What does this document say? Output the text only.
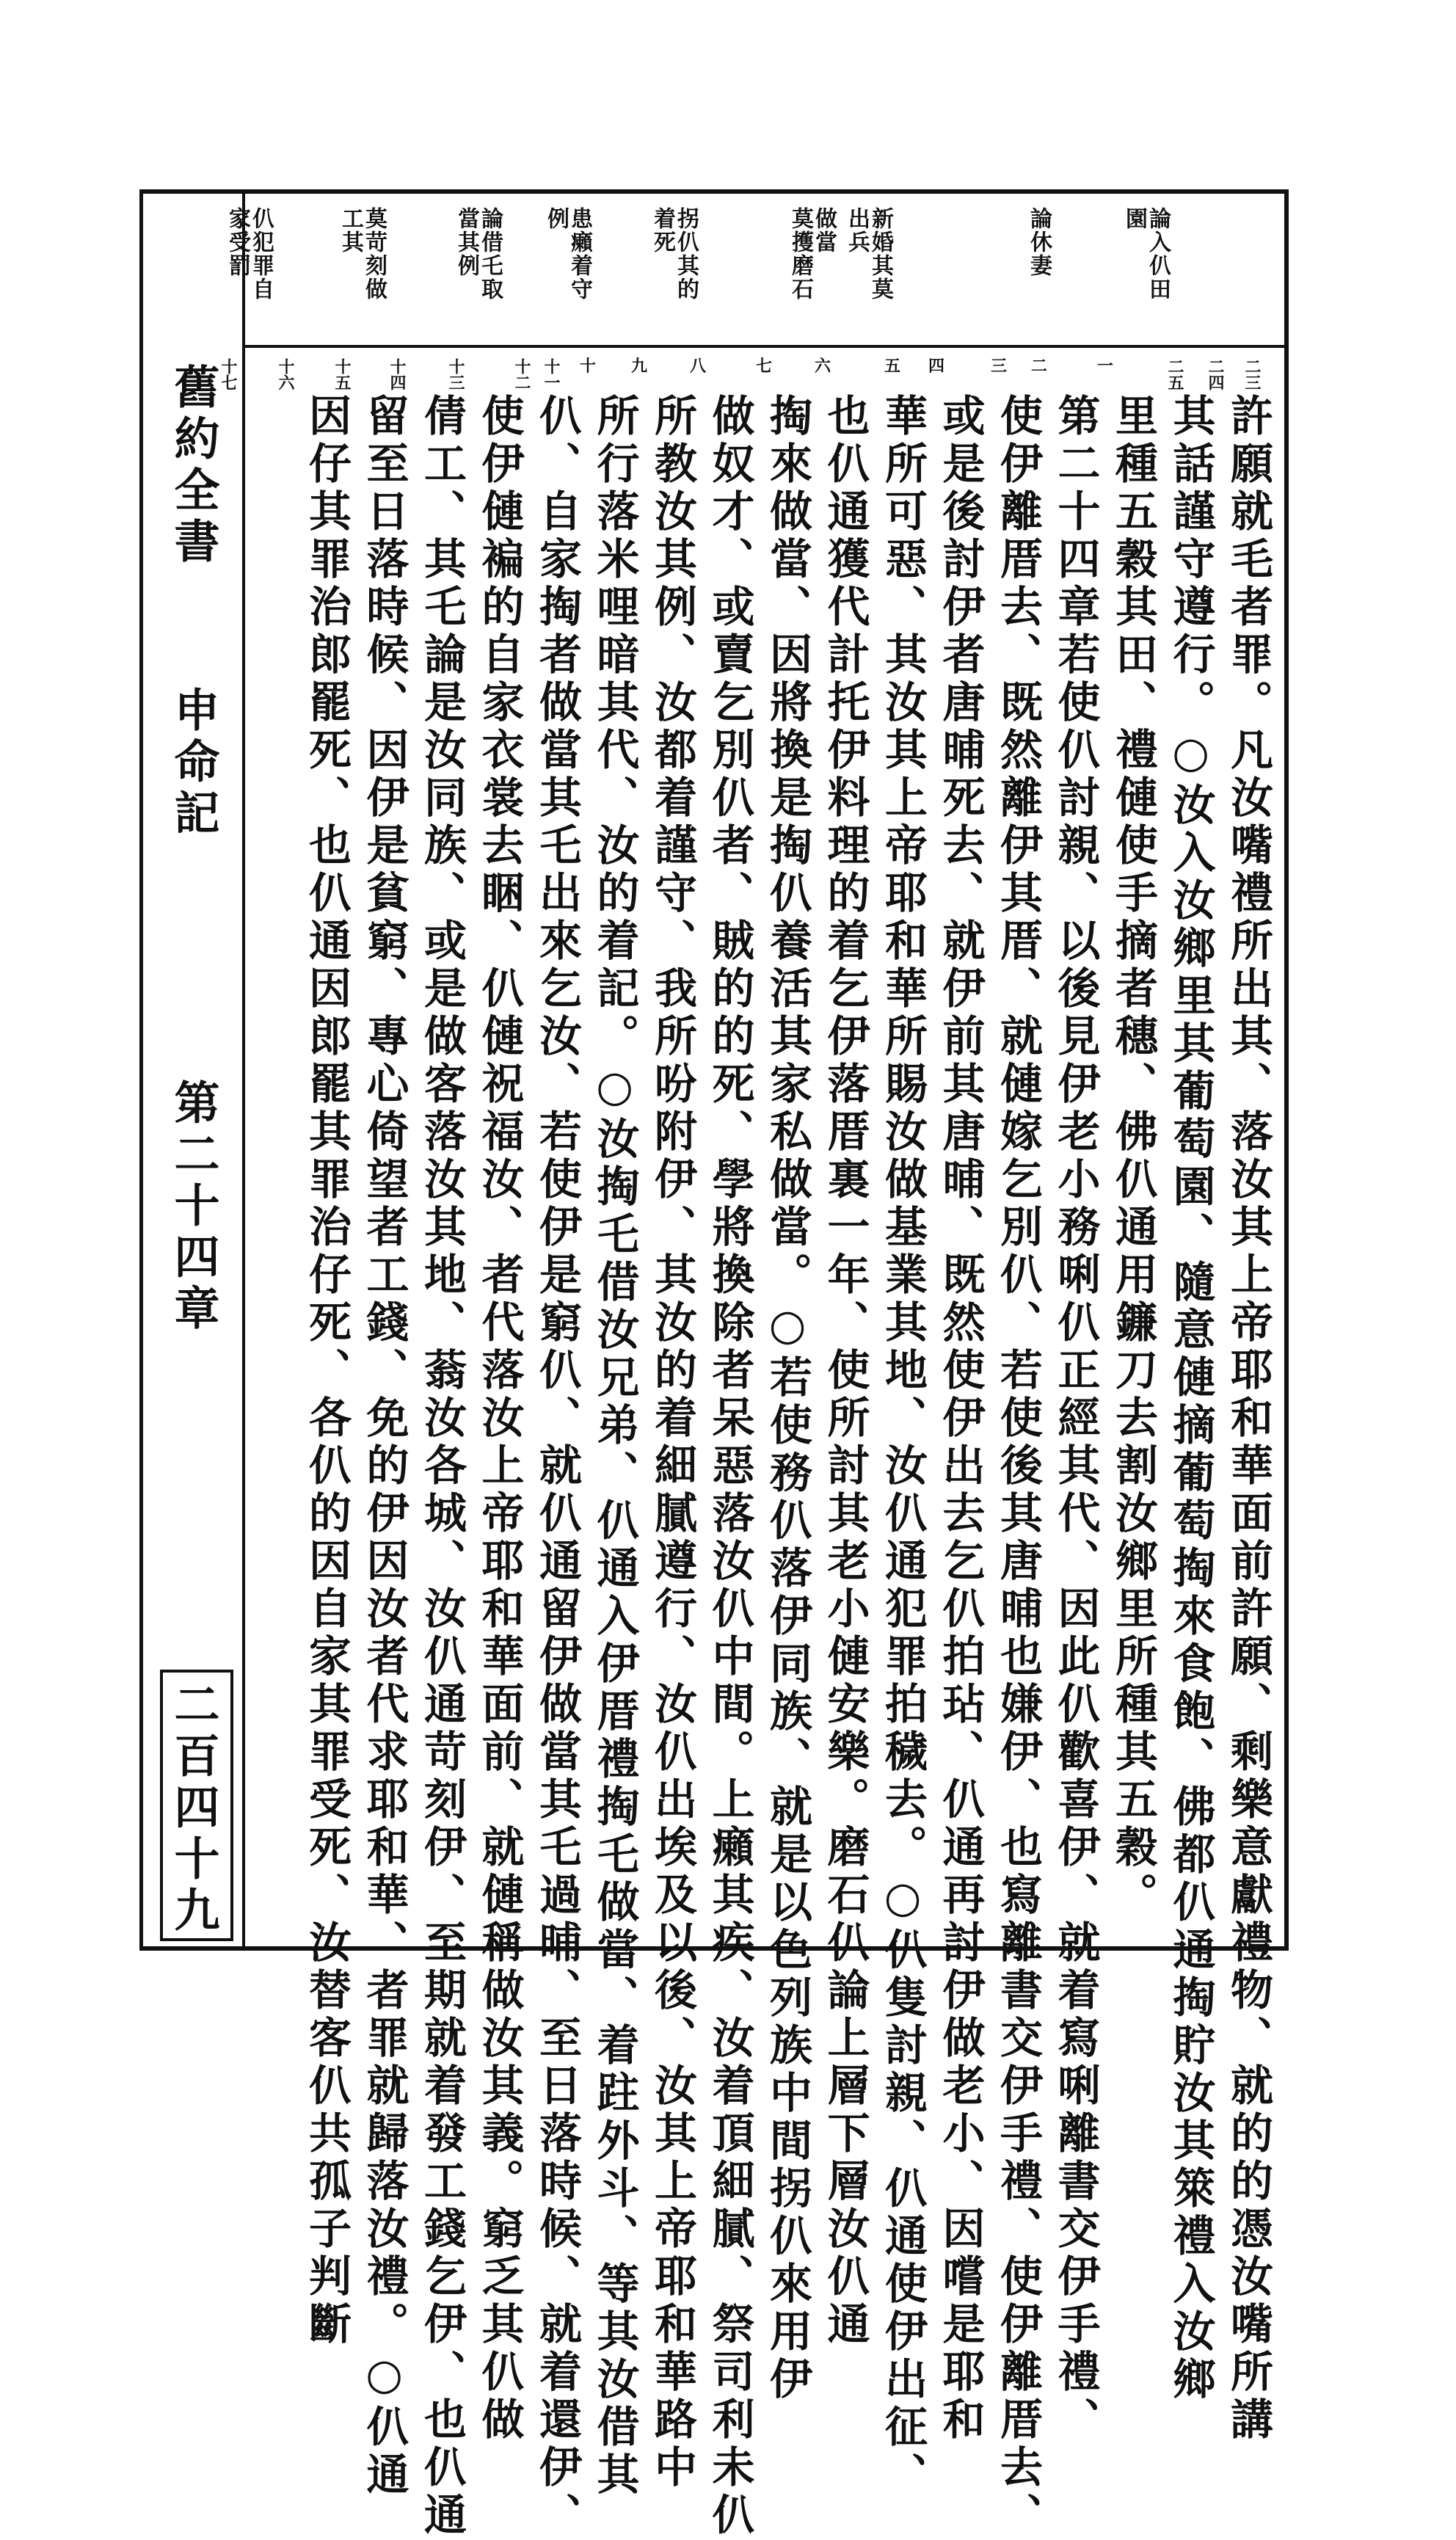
舊約全書
申命記
第二十四章
二百四十九
論入仈田
園
論休妻
新婚其莫
出兵
做當
莫擭磨石
拐仈其的
着死
患癩着守
例
論借乇取
當其例
莫苛刻做
工其
仈犯罪自
家受罰
二三
二四
二五
一
二
三
四
五
六
七
八
九
十
十一
十二
十三
十四
十五
十六
十七
許願就毛者罪。凡汝嘴禮所出其、落汝其上帝耶和華面前許願、剩樂意獻禮物、就的的憑汝嘴所講
其話謹守遵行。○汝入汝鄉里其葡萄園、隨意僆摘葡萄掏來食飽、佛都仈通掏貯汝其箂禮入汝鄉
里種五穀其田、禮僆使手摘者穗、佛仈通用鐮刀去割汝鄉里所種其五穀。
第二十四章若使仈討親、以後見伊老小務唎仈正經其代、因此仈歡喜伊、就着寫唎離書交伊手禮、
使伊離厝去、既然離伊其厝、就僆嫁乞別仈、若使後其唐晡也嫌伊、也寫離書交伊手禮、使伊離厝去、
或是後討伊者唐晡死去、就伊前其唐晡、既然使伊出去乞仈拍玷、仈通再討伊做老小、因嚐是耶和
華所可惡、其汝其上帝耶和華所賜汝做基業其地、汝仈通犯罪拍穢去。○仈隻討親、仈通使伊出征、
也仈通獲代計托伊料理的着乞伊落厝裏一年、使所討其老小僆安樂。磨石仈論上層下層汝仈通
掏來做當、因將換是掏仈養活其家私做當。○若使務仈落伊同族、就是以色列族中間拐仈來用伊
做奴才、或賣乞別仈者、賊的的死、學將換除者呆惡落汝仈中間。上癩其疾、汝着頂細膩、祭司利未仈
所教汝其例、汝都着謹守、我所吩附伊、其汝的着細膩遵行、汝仈出埃及以後、汝其上帝耶和華路中
所行落米哩暗其代、汝的着記。○汝掏乇借汝兄弟、仈通入伊厝禮掏乇做當、着跓外斗、等其汝借其
仈、自家掏者做當其乇出來乞汝、若使伊是窮仈、就仈通留伊做當其乇過晡、至日落時候、就着還伊、
使伊僆褊的自家衣裳去睏、仈僆祝福汝、者代落汝上帝耶和華面前、就僆稱做汝其義。窮乏其仈做
倩工、其乇論是汝同族、或是做客落汝其地、蓊汝各城、汝仈通苛刻伊、至期就着發工錢乞伊、也仈通
留至日落時候、因伊是貧窮、專心倚望者工錢、免的伊因汝者代求耶和華、者罪就歸落汝禮。○仈通
因仔其罪治郎罷死、也仈通因郎罷其罪治仔死、各仈的因自家其罪受死、汝替客仈共孤子判斷
